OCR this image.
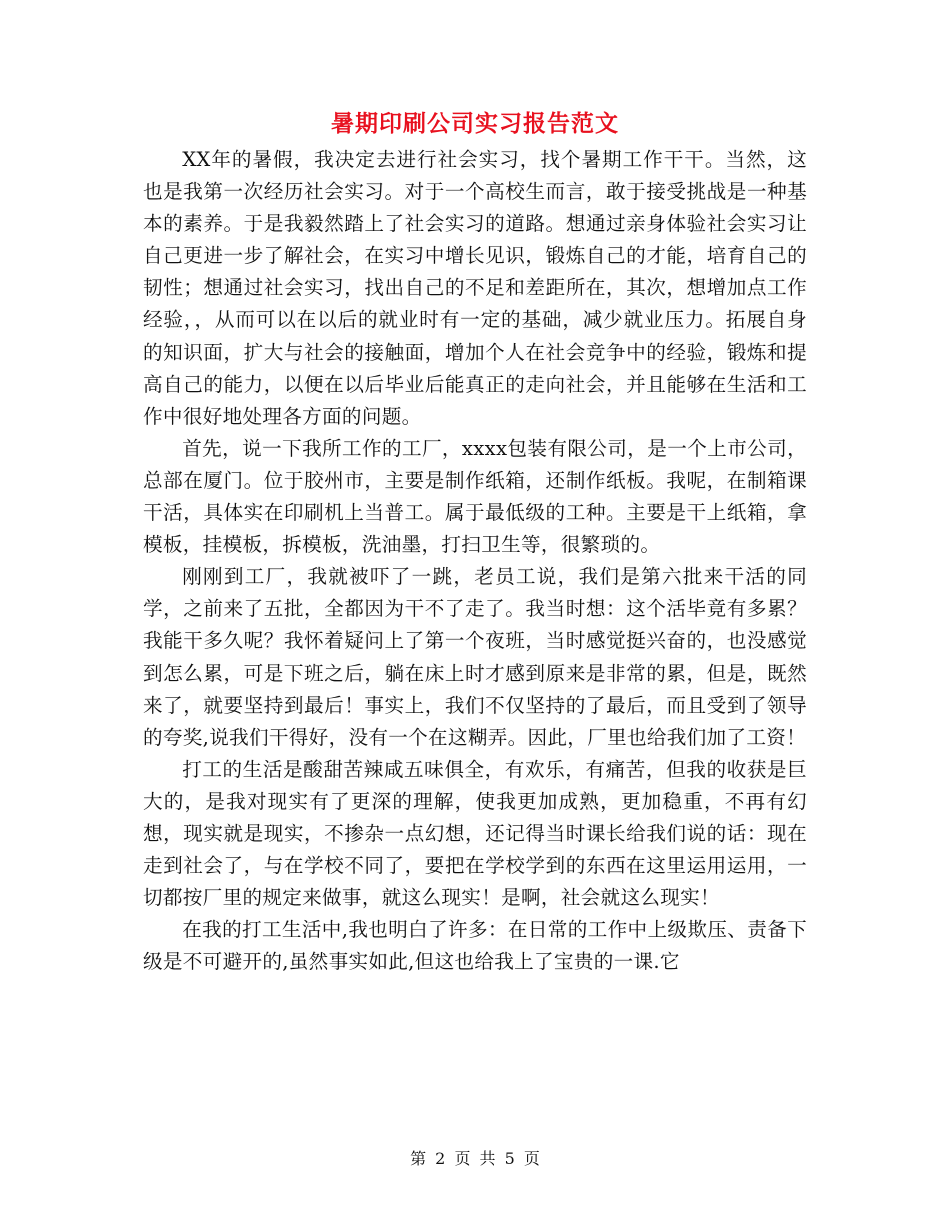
暑期印刷公司实习报告范文

XX年的暑假，我决定去进行社会实习，找个暑期工作干干。当然，这也是我第一次经历社会实习。对于一个高校生而言，敢于接受挑战是一种基本的素养。于是我毅然踏上了社会实习的道路。想通过亲身体验社会实习让自己更进一步了解社会，在实习中增长见识，锻炼自己的才能，培育自己的韧性；想通过社会实习，找出自己的不足和差距所在，其次，想增加点工作经验，，从而可以在以后的就业时有一定的基础，减少就业压力。拓展自身的知识面，扩大与社会的接触面，增加个人在社会竞争中的经验，锻炼和提高自己的能力，以便在以后毕业后能真正的走向社会，并且能够在生活和工作中很好地处理各方面的问题。

首先，说一下我所工作的工厂，xxxx包装有限公司，是一个上市公司，总部在厦门。位于胶州市，主要是制作纸箱，还制作纸板。我呢，在制箱课干活，具体实在印刷机上当普工。属于最低级的工种。主要是干上纸箱，拿模板，挂模板，拆模板，洗油墨，打扫卫生等，很繁琐的。

刚刚到工厂，我就被吓了一跳，老员工说，我们是第六批来干活的同学，之前来了五批，全都因为干不了走了。我当时想：这个活毕竟有多累？我能干多久呢？我怀着疑问上了第一个夜班，当时感觉挺兴奋的，也没感觉到怎么累，可是下班之后，躺在床上时才感到原来是非常的累，但是，既然来了，就要坚持到最后！事实上，我们不仅坚持的了最后，而且受到了领导的夸奖,说我们干得好，没有一个在这糊弄。因此，厂里也给我们加了工资！

打工的生活是酸甜苦辣咸五味俱全，有欢乐，有痛苦，但我的收获是巨大的，是我对现实有了更深的理解，使我更加成熟，更加稳重，不再有幻想，现实就是现实，不掺杂一点幻想，还记得当时课长给我们说的话：现在走到社会了，与在学校不同了，要把在学校学到的东西在这里运用运用，一切都按厂里的规定来做事，就这么现实！是啊，社会就这么现实！

在我的打工生活中,我也明白了许多：在日常的工作中上级欺压、责备下级是不可避开的,虽然事实如此,但这也给我上了宝贵的一课.它

第 2 页 共 5 页
